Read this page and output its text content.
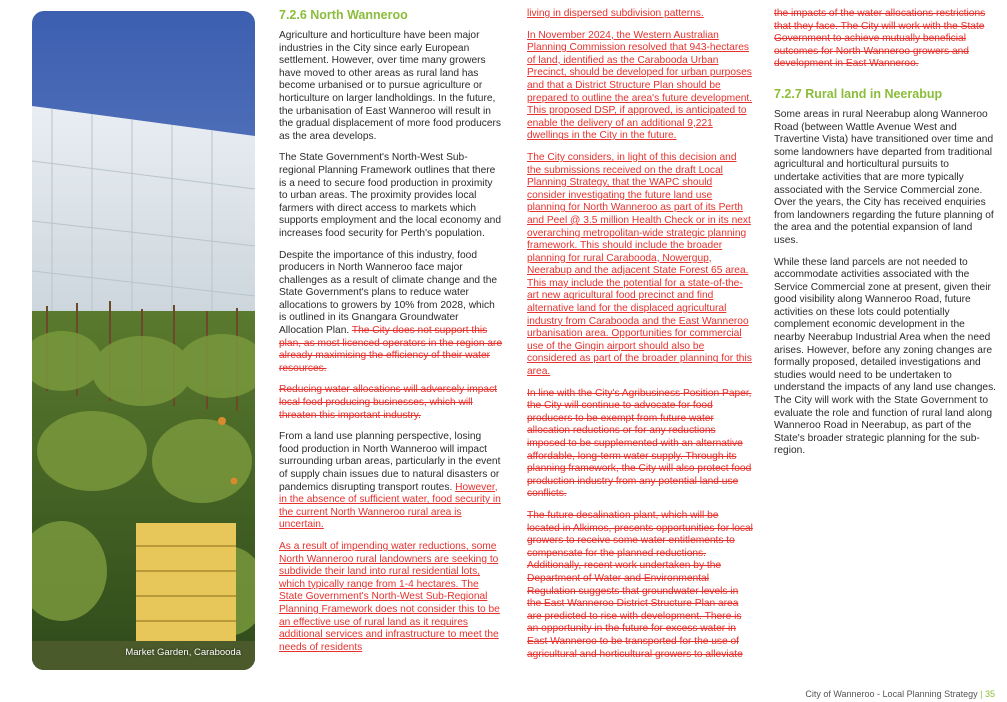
Market Garden, Carabooda
7.2.6 North Wanneroo

Agriculture and horticulture have been major industries in the City since early European settlement. However, over time many growers have moved to other areas as rural land has become urbanised or to pursue agriculture or horticulture on larger landholdings. In the future, the urbanisation of East Wanneroo will result in the gradual displacement of more food producers as the area develops.

The State Government's North-West Sub-regional Planning Framework outlines that there is a need to secure food production in proximity to urban areas. The proximity provides local farmers with direct access to markets which supports employment and the local economy and increases food security for Perth's population.

Despite the importance of this industry, food producers in North Wanneroo face major challenges as a result of climate change and the State Government's plans to reduce water allocations to growers by 10% from 2028, which is outlined in its Gnangara Groundwater Allocation Plan. The City does not support this plan, as most licenced operators in the region are already maximising the efficiency of their water resources.

Reducing water allocations will adversely impact local food producing businesses, which will threaten this important industry.

From a land use planning perspective, losing food production in North Wanneroo will impact surrounding urban areas, particularly in the event of supply chain issues due to natural disasters or pandemics disrupting transport routes. However, in the absence of sufficient water, food security in the current North Wanneroo rural area is uncertain.

As a result of impending water reductions, some North Wanneroo rural landowners are seeking to subdivide their land into rural residential lots, which typically range from 1-4 hectares. The State Government's North-West Sub-Regional Planning Framework does not consider this to be an effective use of rural land as it requires additional services and infrastructure to meet the needs of residents

living in dispersed subdivision patterns.

In November 2024, the Western Australian Planning Commission resolved that 943-hectares of land, identified as the Carabooda Urban Precinct, should be developed for urban purposes and that a District Structure Plan should be prepared to outline the area's future development. This proposed DSP, if approved, is anticipated to enable the delivery of an additional 9,221 dwellings in the City in the future.

The City considers, in light of this decision and the submissions received on the draft Local Planning Strategy, that the WAPC should consider investigating the future land use planning for North Wanneroo as part of its Perth and Peel @ 3.5 million Health Check or in its next overarching metropolitan-wide strategic planning framework. This should include the broader planning for rural Carabooda, Nowergup, Neerabup and the adjacent State Forest 65 area. This may include the potential for a state-of-the-art new agricultural food precinct and find alternative land for the displaced agricultural industry from Carabooda and the East Wanneroo urbanisation area. Opportunities for commercial use of the Gingin airport should also be considered as part of the broader planning for this area.

In line with the City's Agribusiness Position Paper, the City will continue to advocate for food producers to be exempt from future water allocation reductions or for any reductions imposed to be supplemented with an alternative affordable, long-term water supply. Through its planning framework, the City will also protect food production industry from any potential land use conflicts.

The future desalination plant, which will be located in Alkimos, presents opportunities for local growers to receive some water entitlements to compensate for the planned reductions. Additionally, recent work undertaken by the Department of Water and Environmental Regulation suggests that groundwater levels in the East Wanneroo District Structure Plan area are predicted to rise with development. There is an opportunity in the future for excess water in East Wanneroo to be transported for the use of agricultural and horticultural growers to alleviate

the impacts of the water allocations restrictions that they face. The City will work with the State Government to achieve mutually beneficial outcomes for North Wanneroo growers and development in East Wanneroo.

7.2.7 Rural land in Neerabup

Some areas in rural Neerabup along Wanneroo Road (between Wattle Avenue West and Travertine Vista) have transitioned over time and some landowners have departed from traditional agricultural and horticultural pursuits to undertake activities that are more typically associated with the Service Commercial zone. Over the years, the City has received enquiries from landowners regarding the future planning of the area and the potential expansion of land uses.

While these land parcels are not needed to accommodate activities associated with the Service Commercial zone at present, given their good visibility along Wanneroo Road, future activities on these lots could potentially complement economic development in the nearby Neerabup Industrial Area when the need arises. However, before any zoning changes are formally proposed, detailed investigations and studies would need to be undertaken to understand the impacts of any land use changes. The City will work with the State Government to evaluate the role and function of rural land along Wanneroo Road in Neerabup, as part of the State's broader strategic planning for the sub-region.

City of Wanneroo - Local Planning Strategy | 35
